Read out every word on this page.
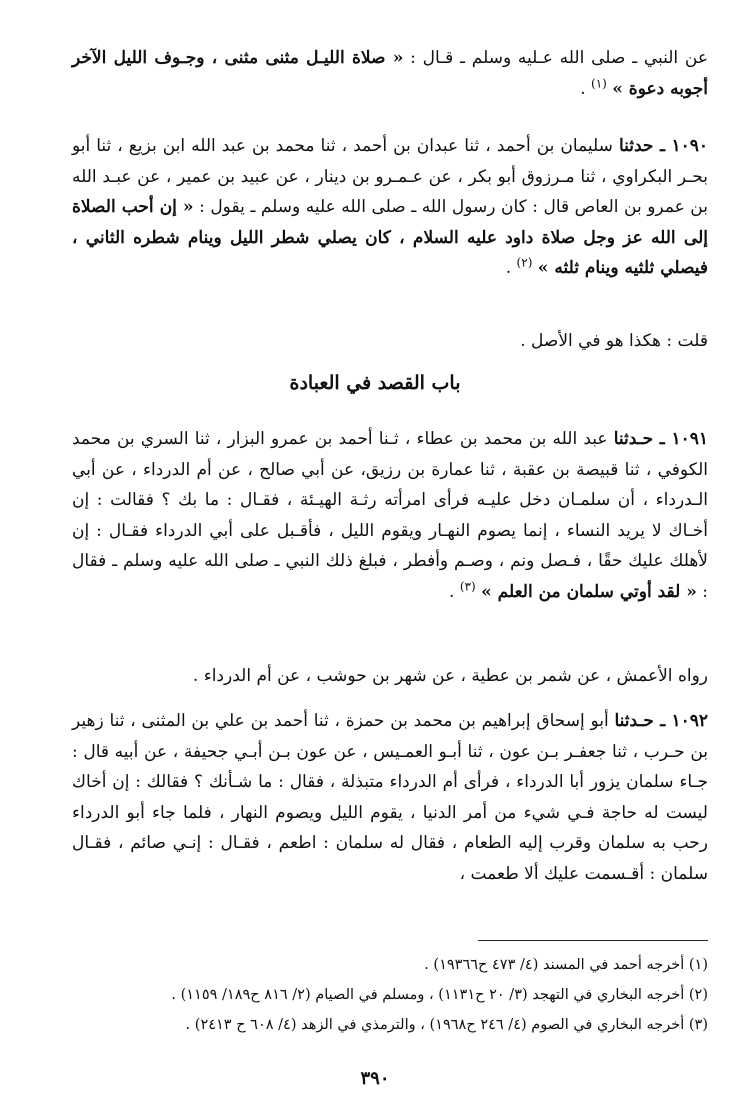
عن النبي ـ صلى الله عـليه وسلم ـ قـال : « صلاة الليـل مثنى مثنى ، وجـوف الليل الآخر أجوبه دعوة » $^{(١)}$ .
١٠٩٠ ـ حدثنا سليمان بن أحمد ، ثنا عبدان بن أحمد ، ثنا محمد بن عبد الله ابن بزيع ، ثنا أبو بحـر البكراوي ، ثنا مـرزوق أبو بكر ، عن عـمـرو بن دينار ، عن عبيد بن عمير ، عن عبـد الله بن عمرو بن العاص قال : كان رسول الله ـ صلى الله عليه وسلم ـ يقول : « إن أحب الصلاة إلى الله عز وجل صلاة داود عليه السلام ، كان يصلي شطر الليل وينام شطره الثاني ، فيصلي ثلثيه وينام ثلثه » $^{(٢)}$ .
قلت : هكذا هو في الأصل .
باب القصد في العبادة
١٠٩١ ـ حـدثنا عبد الله بن محمد بن عطاء ، ثـنا أحمد بن عمرو البزار ، ثنا السري بن محمد الكوفي ، ثنا قبيصة بن عقبة ، ثنا عمارة بن رزيق، عن أبي صالح ، عن أم الدرداء ، عن أبي الـدرداء ، أن سلمـان دخل عليـه فرأى امرأته رثـة الهيـئة ، فقـال : ما بك ؟ فقالت : إن أخـاك لا يريد النساء ، إنما يصوم النهـار ويقوم الليل ، فأقـبل على أبي الدرداء فقـال : إن لأهلك عليك حقًا ، فـصل ونم ، وصـم وأفطر ، فبلغ ذلك النبي ـ صلى الله عليه وسلم ـ فقال : « لقد أوتي سلمان من العلم » $^{(٣)}$ .
رواه الأعمش ، عن شمر بن عطية ، عن شهر بن حوشب ، عن أم الدرداء .
١٠٩٢ ـ حـدثنا أبو إسحاق إبراهيم بن محمد بن حمزة ، ثنا أحمد بن علي بن المثنى ، ثنا زهير بن حـرب ، ثنا جعفـر بـن عون ، ثنا أبـو العمـيس ، عن عون بـن أبـي جحيفة ، عن أبيه قال : جـاء سلمان يزور أبا الدرداء ، فرأى أم الدرداء متبذلة ، فقال : ما شـأنك ؟ فقالك : إن أخاك ليست له حاجة فـي شيء من أمر الدنيا ، يقوم الليل ويصوم النهار ، فلما جاء أبو الدرداء رحب به سلمان وقرب إليه الطعام ، فقال له سلمان : اطعم ، فقـال : إنـي صائم ، فقـال سلمان : أقـسمت عليك ألا طعمت ،
(١) أخرجه أحمد في المسند (٤/ ٤٧٣ ح١٩٣٦٦) .
(٢) أخرجه البخاري في التهجد (٣/ ٢٠ ح١١٣١) ، ومسلم في الصيام (٢/ ٨١٦ ح١٨٩/ ١١٥٩) .
(٣) أخرجه البخاري في الصوم (٤/ ٢٤٦ ح١٩٦٨) ، والترمذي في الزهد (٤/ ٦٠٨ ح ٢٤١٣) .
٣٩٠
